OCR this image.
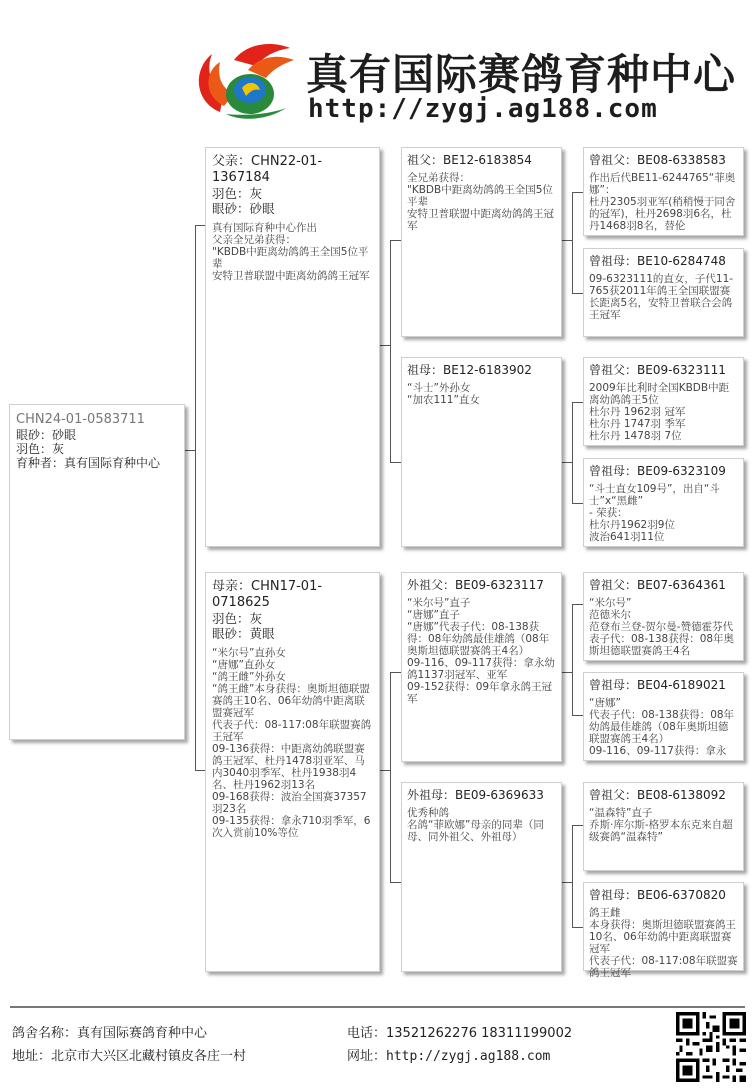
真有国际赛鸽育种中心
http://zygj.ag188.com
CHN24-01-0583711
眼砂：砂眼
羽色：灰
育种者：真有国际育种中心
父亲：CHN22-01-1367184
羽色：灰
眼砂：砂眼
真有国际育种中心作出
父亲全兄弟获得：
"KBDB中距离幼鸽鸽王全国5位平辈
安特卫普联盟中距离幼鸽鸽王冠军
母亲：CHN17-01-0718625
羽色：灰
眼砂：黄眼
“米尔号”直孙女
“唐娜”直孙女
“鸽王雌”外孙女
“鸽王雌”本身获得：奥斯坦德联盟赛鸽王10名、06年幼鸽中距离联盟赛冠军
代表子代：08-117:08年联盟赛鸽王冠军
09-136获得：中距离幼鸽联盟赛鸽王冠军、杜丹1478羽亚军、马内3040羽季军、杜丹1938羽4名、杜丹1962羽13名
09-168获得：波治全国赛37357羽23名
09-135获得：拿永710羽季军，6次入赏前10%等位
祖父：BE12-6183854
全兄弟获得：
"KBDB中距离幼鸽鸽王全国5位平辈
安特卫普联盟中距离幼鸽鸽王冠军
祖母：BE12-6183902
“斗士”外孙女
“加农111”直女
外祖父：BE09-6323117
“米尔号”直子
“唐娜”直子
“唐娜”代表子代：08-138获得：08年幼鸽最佳雄鸽（08年奥斯坦德联盟赛鸽王4名）
09-116、09-117获得：拿永幼鸽1137羽冠军、亚军
09-152获得：09年拿永鸽王冠军
外祖母：BE09-6369633
优秀种鸽
名鸽“菲欧娜”母亲的同辈（同母、同外祖父、外祖母）
曾祖父：BE08-6338583
作出后代BE11-6244765“菲奥娜”：
杜丹2305羽亚军(稍稍慢于同舍的冠军)，杜丹2698羽6名，杜丹1468羽8名，替伦
曾祖母：BE10-6284748
09-6323111的直女，子代11-765获2011年鸽王全国联盟赛长距离5名，安特卫普联合会鸽王冠军
曾祖父：BE09-6323111
2009年比利时全国KBDB中距离幼鸽鸽王5位
杜尔丹 1962羽 冠军
杜尔丹 1747羽 季军
杜尔丹 1478羽 7位
曾祖母：BE09-6323109
“斗士直女109号”，出自“斗士”x“黑雌”
- 荣获：
杜尔丹1962羽9位
波治641羽11位
曾祖父：BE07-6364361
“米尔号”
范德米尔
范登布兰登-贺尔曼-赞德霍芬代表子代：08-138获得：08年奥斯坦德联盟赛鸽王4名
曾祖母：BE04-6189021
“唐娜”
代表子代：08-138获得：08年幼鸽最佳雄鸽（08年奥斯坦德联盟赛鸽王4名）
09-116、09-117获得：拿永
曾祖父：BE08-6138092
“温森特”直子
乔斯·库尔斯-格罗本东克来自超级赛鸽“温森特”
曾祖母：BE06-6370820
鸽王雌
本身获得：奥斯坦德联盟赛鸽王10名、06年幼鸽中距离联盟赛冠军
代表子代：08-117:08年联盟赛鸽王冠军
鸽舍名称：真有国际赛鸽育种中心
地址：北京市大兴区北藏村镇皮各庄一村
电话：13521262276 18311199002
网址：http://zygj.ag188.com
